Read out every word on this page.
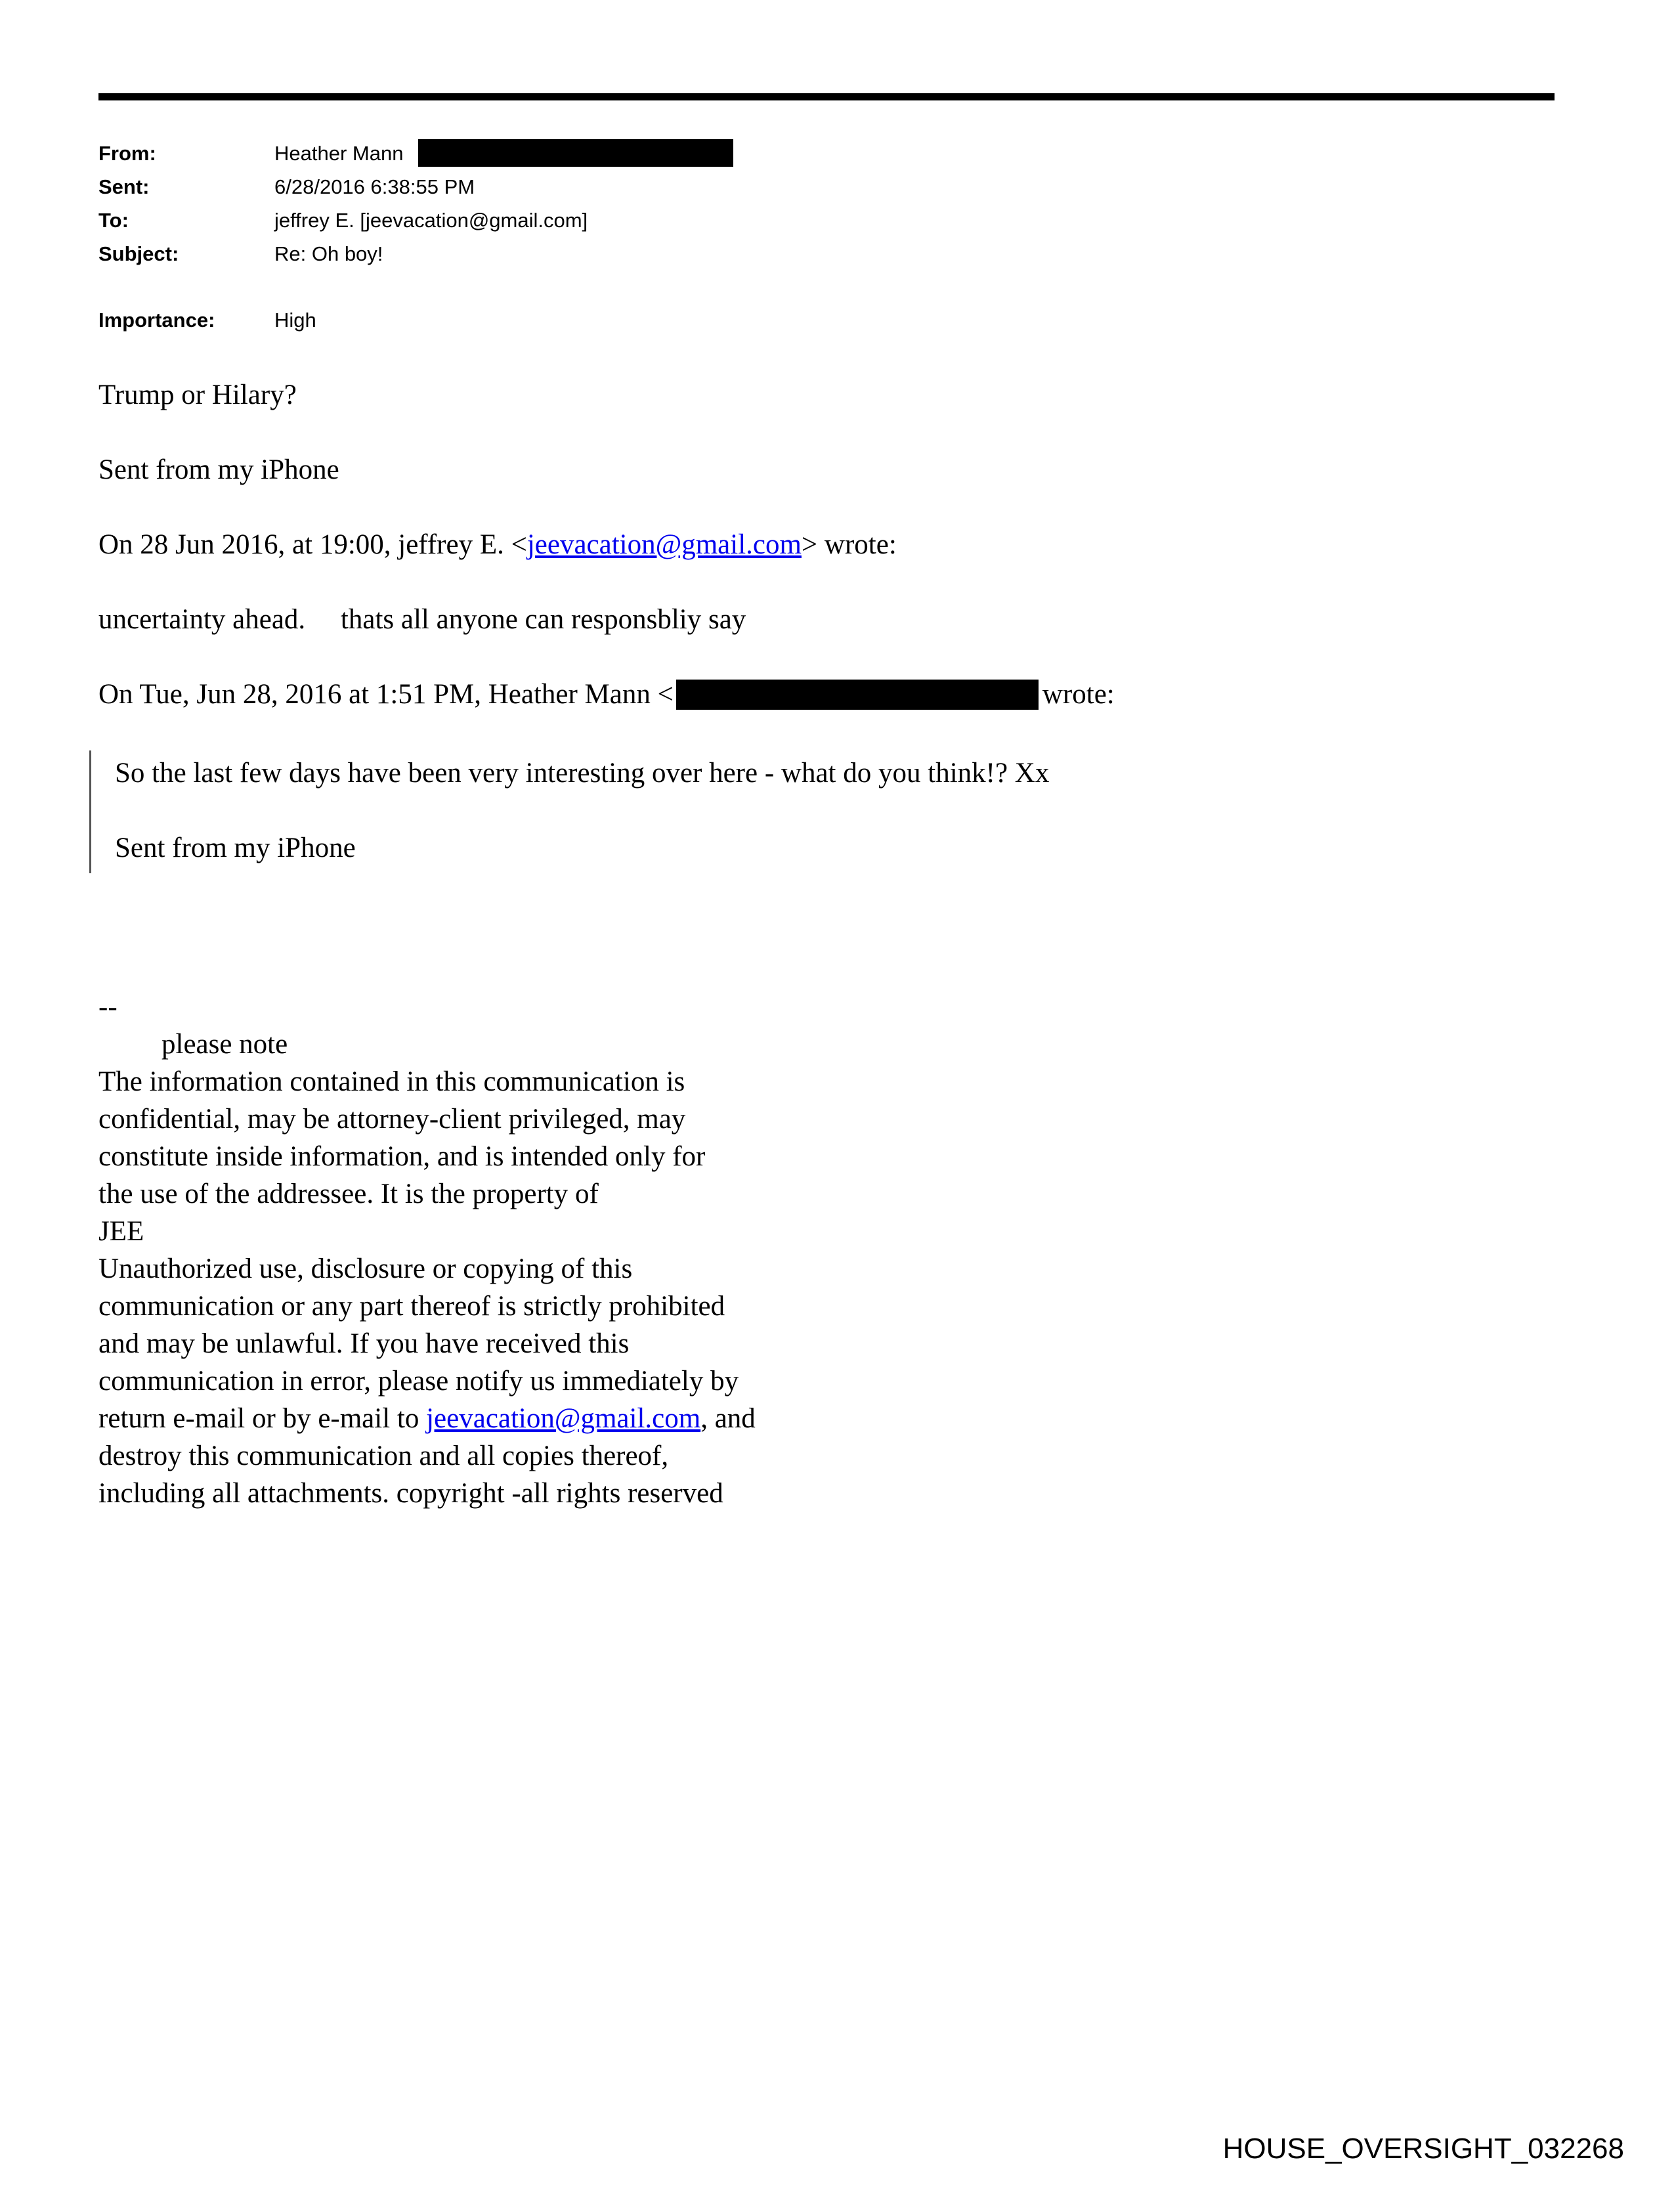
From:	Heather Mann
Sent:	6/28/2016 6:38:55 PM
To:	jeffrey E. [jeevacation@gmail.com]
Subject:	Re: Oh boy!
Importance:	High

Trump or Hilary?

Sent from my iPhone

On 28 Jun 2016, at 19:00, jeffrey E. <jeevacation@gmail.com> wrote:

uncertainty ahead.     thats all anyone can responsbliy say

On Tue, Jun 28, 2016 at 1:51 PM, Heather Mann <	wrote:

So the last few days have been very interesting over here - what do you think!? Xx

Sent from my iPhone

--

please note

The information contained in this communication is
confidential, may be attorney-client privileged, may
constitute inside information, and is intended only for
the use of the addressee. It is the property of
JEE
Unauthorized use, disclosure or copying of this
communication or any part thereof is strictly prohibited
and may be unlawful. If you have received this
communication in error, please notify us immediately by
return e-mail or by e-mail to jeevacation@gmail.com, and
destroy this communication and all copies thereof,
including all attachments. copyright -all rights reserved
HOUSE_OVERSIGHT_032268
